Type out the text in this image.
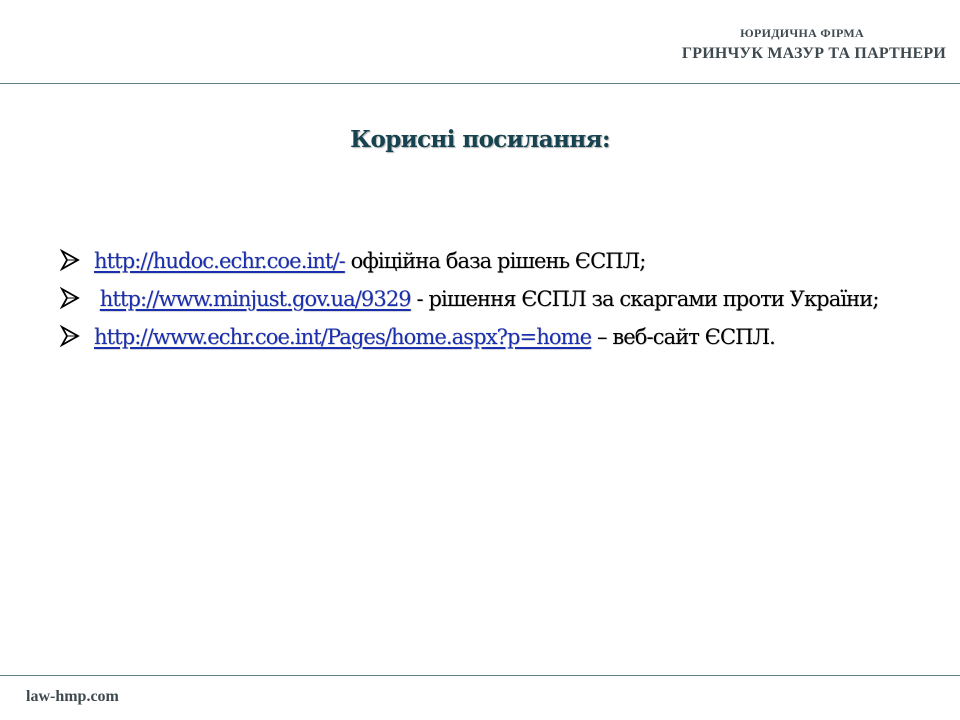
ЮРИДИЧНА ФІРМА
ГРИНЧУК МАЗУР ТА ПАРТНЕРИ
Корисні посилання:
http://hudoc.echr.coe.int/- офіційна база рішень ЄСПЛ;
http://www.minjust.gov.ua/9329 - рішення ЄСПЛ за скаргами проти України;
http://www.echr.coe.int/Pages/home.aspx?p=home – веб-сайт ЄСПЛ.
law-hmp.com
